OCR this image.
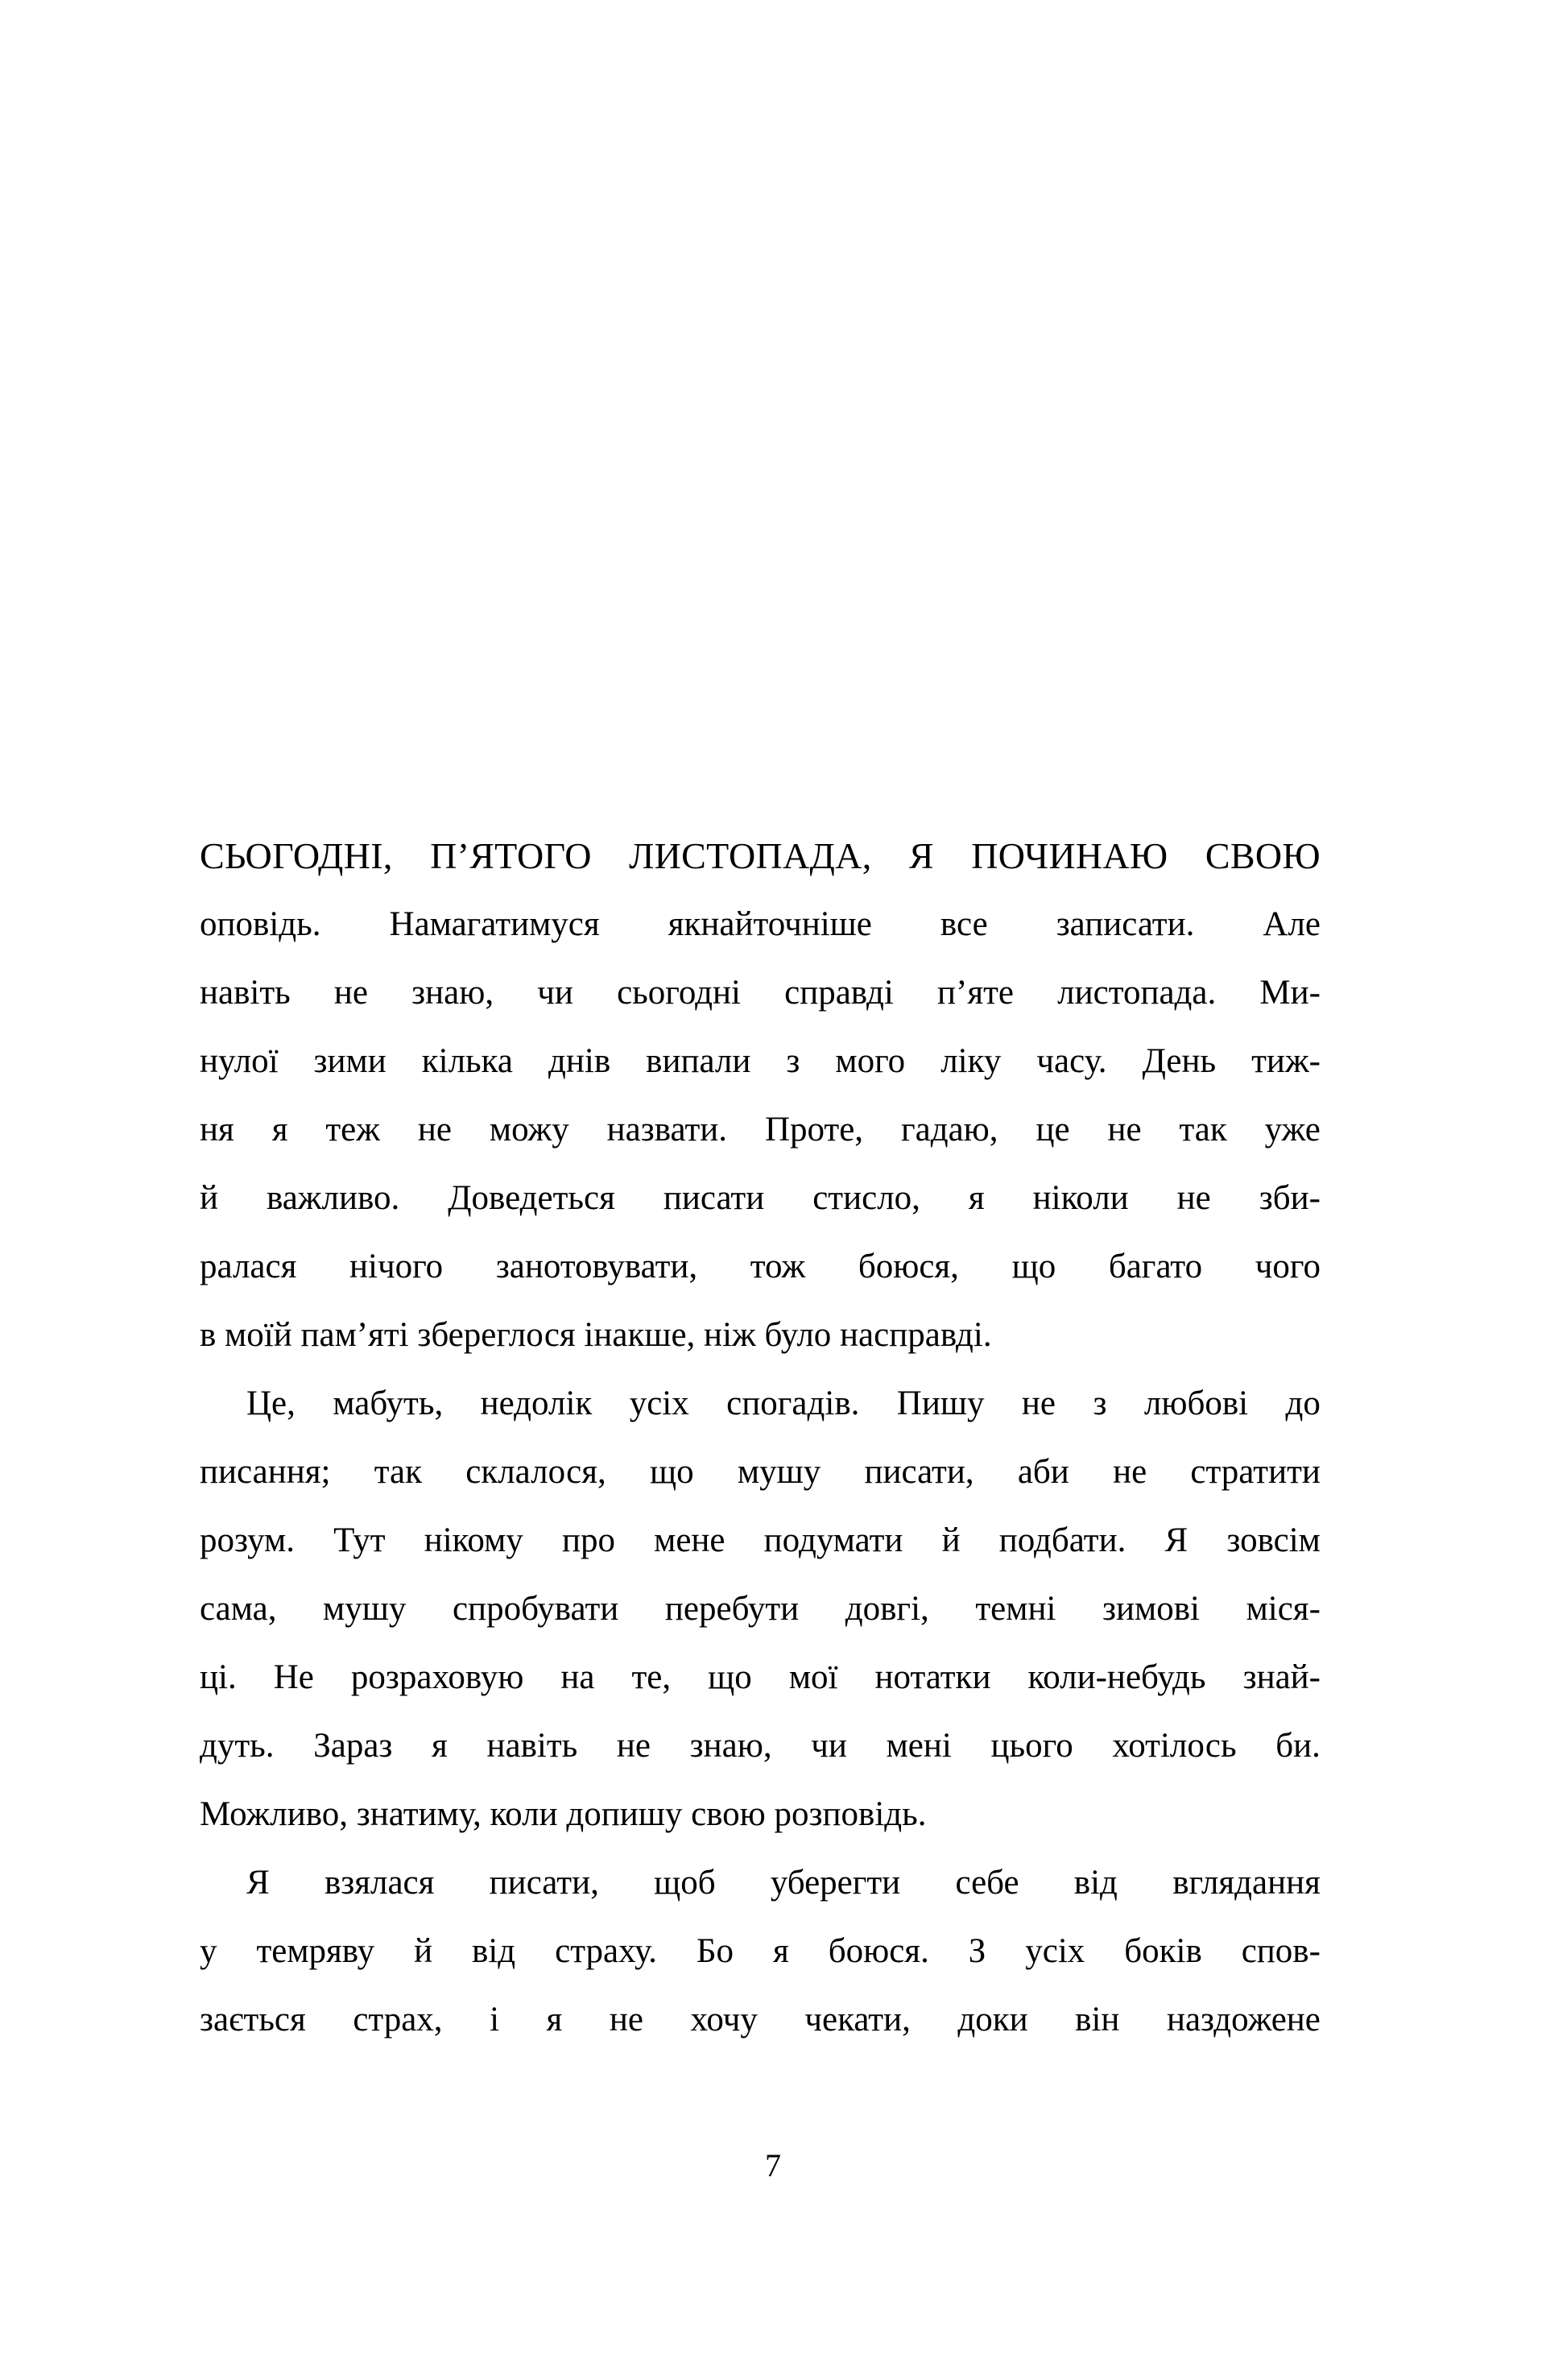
СЬОГОДНІ, П’ЯТОГО ЛИСТОПАДА, Я ПОЧИНАЮ СВОЮ
оповідь. Намагатимуся якнайточніше все записати. Але
навіть не знаю, чи сьогодні справді п’яте листопада. Ми-
нулої зими кілька днів випали з мого ліку часу. День тиж-
ня я теж не можу назвати. Проте, гадаю, це не так уже
й важливо. Доведеться писати стисло, я ніколи не зби-
ралася нічого занотовувати, тож боюся, що багато чого
в моїй пам’яті збереглося інакше, ніж було насправді.
Це, мабуть, недолік усіх спогадів. Пишу не з любові до
писання; так склалося, що мушу писати, аби не стратити
розум. Тут нікому про мене подумати й подбати. Я зовсім
сама, мушу спробувати перебути довгі, темні зимові міся-
ці. Не розраховую на те, що мої нотатки коли-небудь знай-
дуть. Зараз я навіть не знаю, чи мені цього хотілось би.
Можливо, знатиму, коли допишу свою розповідь.
Я взялася писати, щоб уберегти себе від вглядання
у темряву й від страху. Бо я боюся. З усіх боків спов-
зається страх, і я не хочу чекати, доки він наздожене
7
